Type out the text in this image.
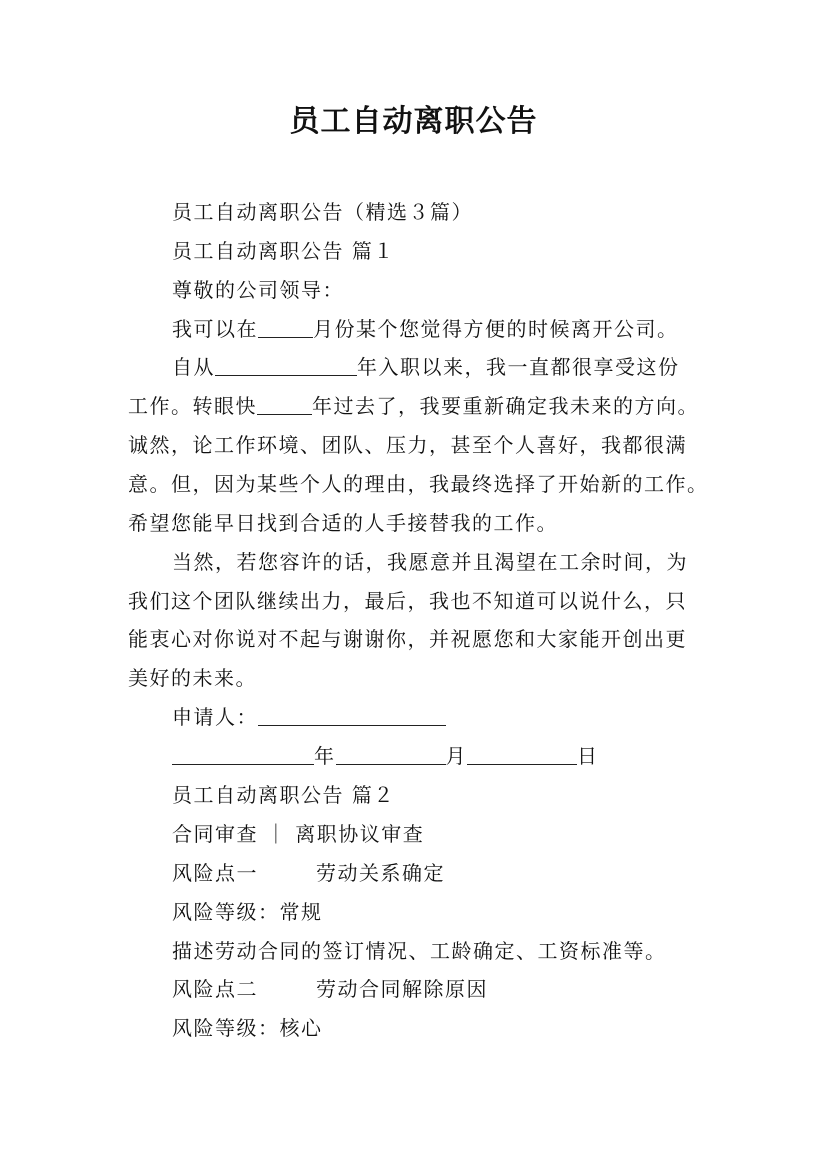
员工自动离职公告
员工自动离职公告（精选３篇）
员工自动离职公告 篇１
尊敬的公司领导：
我可以在	月份某个您觉得方便的时候离开公司。
自从	年入职以来，我一直都很享受这份
工作。转眼快	年过去了，我要重新确定我未来的方向。
诚然，论工作环境、团队、压力，甚至个人喜好，我都很满
意。但，因为某些个人的理由，我最终选择了开始新的工作。
希望您能早日找到合适的人手接替我的工作。
当然，若您容许的话，我愿意并且渴望在工余时间，为
我们这个团队继续出力，最后，我也不知道可以说什么，只
能衷心对你说对不起与谢谢你，并祝愿您和大家能开创出更
美好的未来。
申请人：
年	月	日
员工自动离职公告 篇２
合同审查 ｜ 离职协议审查
风险点一	劳动关系确定
风险等级：常规
描述劳动合同的签订情况、工龄确定、工资标准等。
风险点二	劳动合同解除原因
风险等级：核心
